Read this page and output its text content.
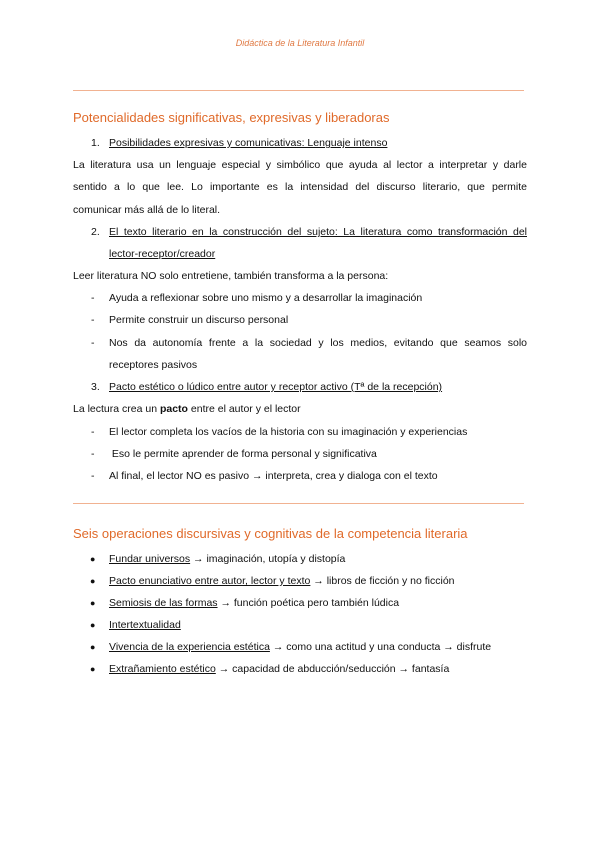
Didáctica de la Literatura Infantil
Potencialidades significativas, expresivas y liberadoras
1. Posibilidades expresivas y comunicativas: Lenguaje intenso
La literatura usa un lenguaje especial y simbólico que ayuda al lector a interpretar y darle
sentido a lo que lee. Lo importante es la intensidad del discurso literario, que permite
comunicar más allá de lo literal.
2. El texto literario en la construcción del sujeto: La literatura como transformación del
lector-receptor/creador
Leer literatura NO solo entretiene, también transforma a la persona:
- Ayuda a reflexionar sobre uno mismo y a desarrollar la imaginación
- Permite construir un discurso personal
- Nos da autonomía frente a la sociedad y los medios, evitando que seamos solo
receptores pasivos
3. Pacto estético o lúdico entre autor y receptor activo (Tª de la recepción)
La lectura crea un pacto entre el autor y el lector
- El lector completa los vacíos de la historia con su imaginación y experiencias
- Eso le permite aprender de forma personal y significativa
- Al final, el lector NO es pasivo → interpreta, crea y dialoga con el texto
Seis operaciones discursivas y cognitivas de la competencia literaria
● Fundar universos → imaginación, utopía y distopía
● Pacto enunciativo entre autor, lector y texto → libros de ficción y no ficción
● Semiosis de las formas → función poética pero también lúdica
● Intertextualidad
● Vivencia de la experiencia estética → como una actitud y una conducta → disfrute
● Extrañamiento estético → capacidad de abducción/seducción → fantasía
